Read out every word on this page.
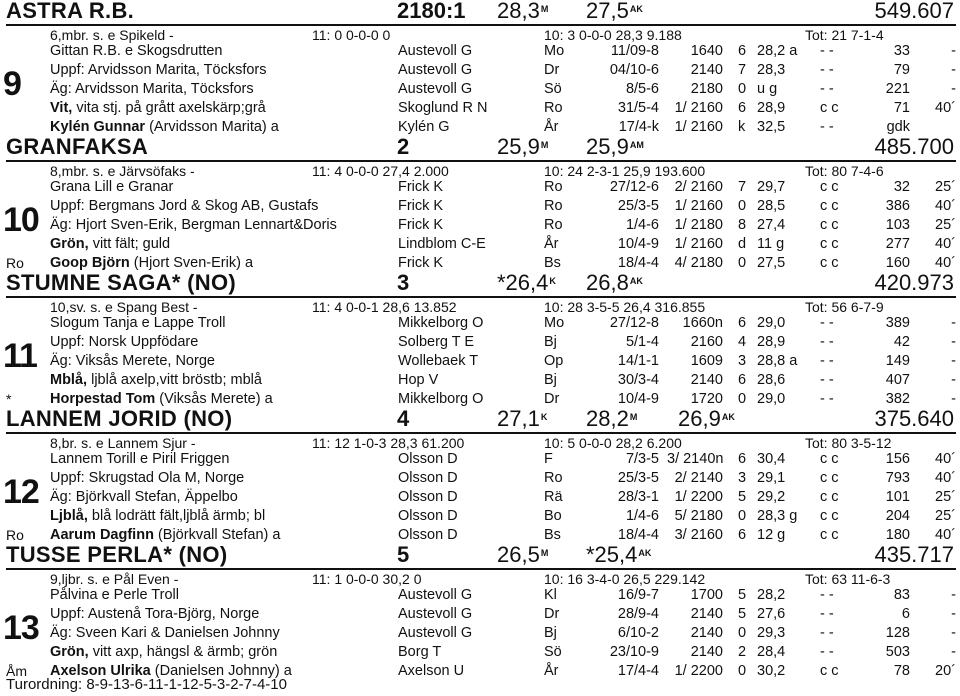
ASTRA R.B.	2180:1 $28,3^M$ $27,5^{AK}$	549.607
6,mbr. s. e Spikeld -	11: 0 0-0-0 0	10: 3 0-0-0 28,3 9.188	Tot: 21 7-1-4
9
Gittan R.B. e Skogsdrutten	Austevoll G	Mo	11/09-8	1640 6 28,2 a - -	33	-
Uppf: Arvidsson Marita, Töcksfors	Austevoll G	Dr	04/10-6	2140 7 28,3 - -	79	-
Äg: Arvidsson Marita, Töcksfors	Austevoll G	Sö	8/5-6	2180 0 u g	- -	221	-
Vit, vita stj. på grått axelskärp;grå	Skoglund R N	Ro	31/5-4	1/ 2160 6 28,9 c c	71	40´
Kylén Gunnar (Arvidsson Marita) a	Kylén G	År	17/4-k	1/ 2160 k 32,5 - -	gdk
GRANFAKSA	2	$25,9^M$ $25,9^{AM}$	485.700
8,mbr. s. e Järvsöfaks -	11: 4 0-0-0 27,4 2.000	10: 24 2-3-1 25,9 193.600	Tot: 80 7-4-6
10
Grana Lill e Granar	Frick K	Ro	27/12-6	2/ 2160 7 29,7 c c	32	25´
Uppf: Bergmans Jord & Skog AB, Gustafs	Frick K	Ro	25/3-5	1/ 2160 0 28,5 c c	386	40´
Äg: Hjort Sven-Erik, Bergman Lennart&Doris	Frick K	Ro	1/4-6	1/ 2180 8 27,4 c c	103	25´
Grön, vitt fält; guld	Lindblom C-E	År	10/4-9	1/ 2160 d 11 g c c	277	40´
Ro Goop Björn (Hjort Sven-Erik) a	Frick K	Bs	18/4-4	4/ 2180 0 27,5 c c	160	40´
STUMNE SAGA* (NO)	3	$*26,4^K$ $26,8^{AK}$	420.973
10,sv. s. e Spang Best -	11: 4 0-0-1 28,6 13.852	10: 28 3-5-5 26,4 316.855	Tot: 56 6-7-9
11
Slogum Tanja e Lappe Troll	Mikkelborg O	Mo	27/12-8	1660n 6 29,0 - -	389	-
Uppf: Norsk Uppfödare	Solberg T E	Bj	5/1-4	2160 4 28,9 - -	42	-
Äg: Viksås Merete, Norge	Wollebaek T	Op	14/1-1	1609 3 28,8 a - -	149	-
Mblå, ljblå axelp,vitt bröstb; mblå	Hop V	Bj	30/3-4	2140 6 28,6 - -	407	-
*	Horpestad Tom (Viksås Merete) a	Mikkelborg O	Dr	10/4-9	1720 0 29,0 - -	382	-
LANNEM JORID (NO)	4	$27,1^K$ $28,2^M$ $26,9^{AK}$	375.640
8,br. s. e Lannem Sjur -	11: 12 1-0-3 28,3 61.200	10: 5 0-0-0 28,2 6.200	Tot: 80 3-5-12
12
Lannem Torill e Piril Friggen	Olsson D	F	7/3-5 3/ 2140n 6 30,4 c c	156	40´
Uppf: Skrugstad Ola M, Norge	Olsson D	Ro	25/3-5	2/ 2140 3 29,1 c c	793	40´
Äg: Björkvall Stefan, Äppelbo	Olsson D	Rä	28/3-1	1/ 2200 5 29,2 c c	101	25´
Ljblå, blå lodrätt fält,ljblå ärmb; bl	Olsson D	Bo	1/4-6	5/ 2180 0 28,3 g c c	204	25´
Ro Aarum Dagfinn (Björkvall Stefan) a	Olsson D	Bs	18/4-4	3/ 2160 6 12 g c c	180	40´
TUSSE PERLA* (NO)	5	$26,5^M$ $*25,4^{AK}$	435.717
9,ljbr. s. e Pål Even -	11: 1 0-0-0 30,2 0	10: 16 3-4-0 26,5 229.142	Tot: 63 11-6-3
13
Pålvina e Perle Troll	Austevoll G	Kl	16/9-7	1700 5 28,2 - -	83	-
Uppf: Austenå Tora-Björg, Norge	Austevoll G	Dr	28/9-4	2140 5 27,6 - -	6	-
Äg: Sveen Kari & Danielsen Johnny	Austevoll G	Bj	6/10-2	2140 0 29,3 - -	128	-
Grön, vitt axp, hängsl & ärmb; grön	Borg T	Sö	23/10-9	2140 2 28,4 - -	503	-
Åm Axelson Ulrika (Danielsen Johnny) a	Axelson U	År	17/4-4	1/ 2200 0 30,2 c c	78	20´
Turordning: 8-9-13-6-11-1-12-5-3-2-7-4-10
